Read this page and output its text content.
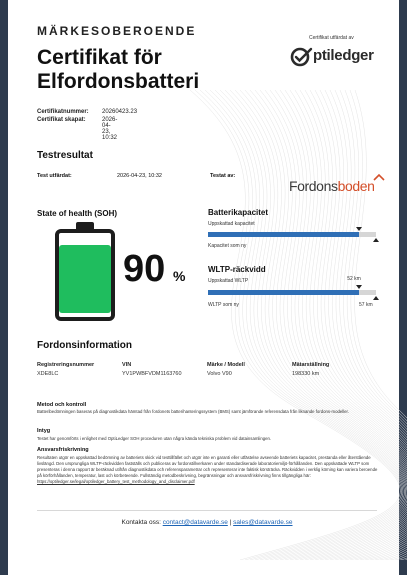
MÄRKESOBEROENDE
Certifikat för
Elfordonsbatteri
Certifikat utfärdat av
ptiledger
Certifikatnummer:	20260423.23
Certifikat skapat:	2026-04-23, 10:32
Testresultat
Test utfärdat:	2026-04-23, 10:32	Testat av:
Fordonsboden
State of health (SOH)
90 %
Batterikapacitet
Uppskattad kapacitet
Kapacitet som ny
WLTP-räckvidd
Uppskattad WLTP	52 km
WLTP som ny	57 km
Fordonsinformation
Registreringsnummer
XDE8LC
VIN
YV1PWBFVDM1163760
Märke / Modell
Volvo V90
Mätarställning
198330 km
Metod och kontroll
Batteribedömningen baseras på diagnostikdata hämtad från fordonets batterihanteringssystem (BMS) samt jämförande referensdata från liknande fordons-modeller.
Intyg
Testet har genomförts i enlighet med OptiLedger SOH proceduren utan några kända tekniska problem vid datainsamlingen.
Ansvarsfriskrivning
Resultaten utgör en uppskattad bedömning av batteriets skick vid testtillfället och utgör inte en garanti eller utfästelse avseende batteriets kapacitet, prestanda eller återstående livslängd. Den ursprungliga WLTP-räckvidden fastställs och publiceras av fordonstillverkaren under standardiserade laboratoriemiljö-förhållanden. Den uppskattade WLTP som presenteras i denna rapport är beräknad utifrån diagnostikdata och referensparametrar och representerar inte faktisk körsträcka. Räckvidden i verklig körning kan variera beroende på körförhållanden, temperatur, last och körbeteende. Fullständig metodbeskrivning, begränsningar och ansvarsfriskrivning finns tillgängliga här: https://optiledger.se/legal/optiledger_battery_test_methodology_and_disclaimer.pdf
Kontakta oss: contact@datavarde.se | sales@datavarde.se
